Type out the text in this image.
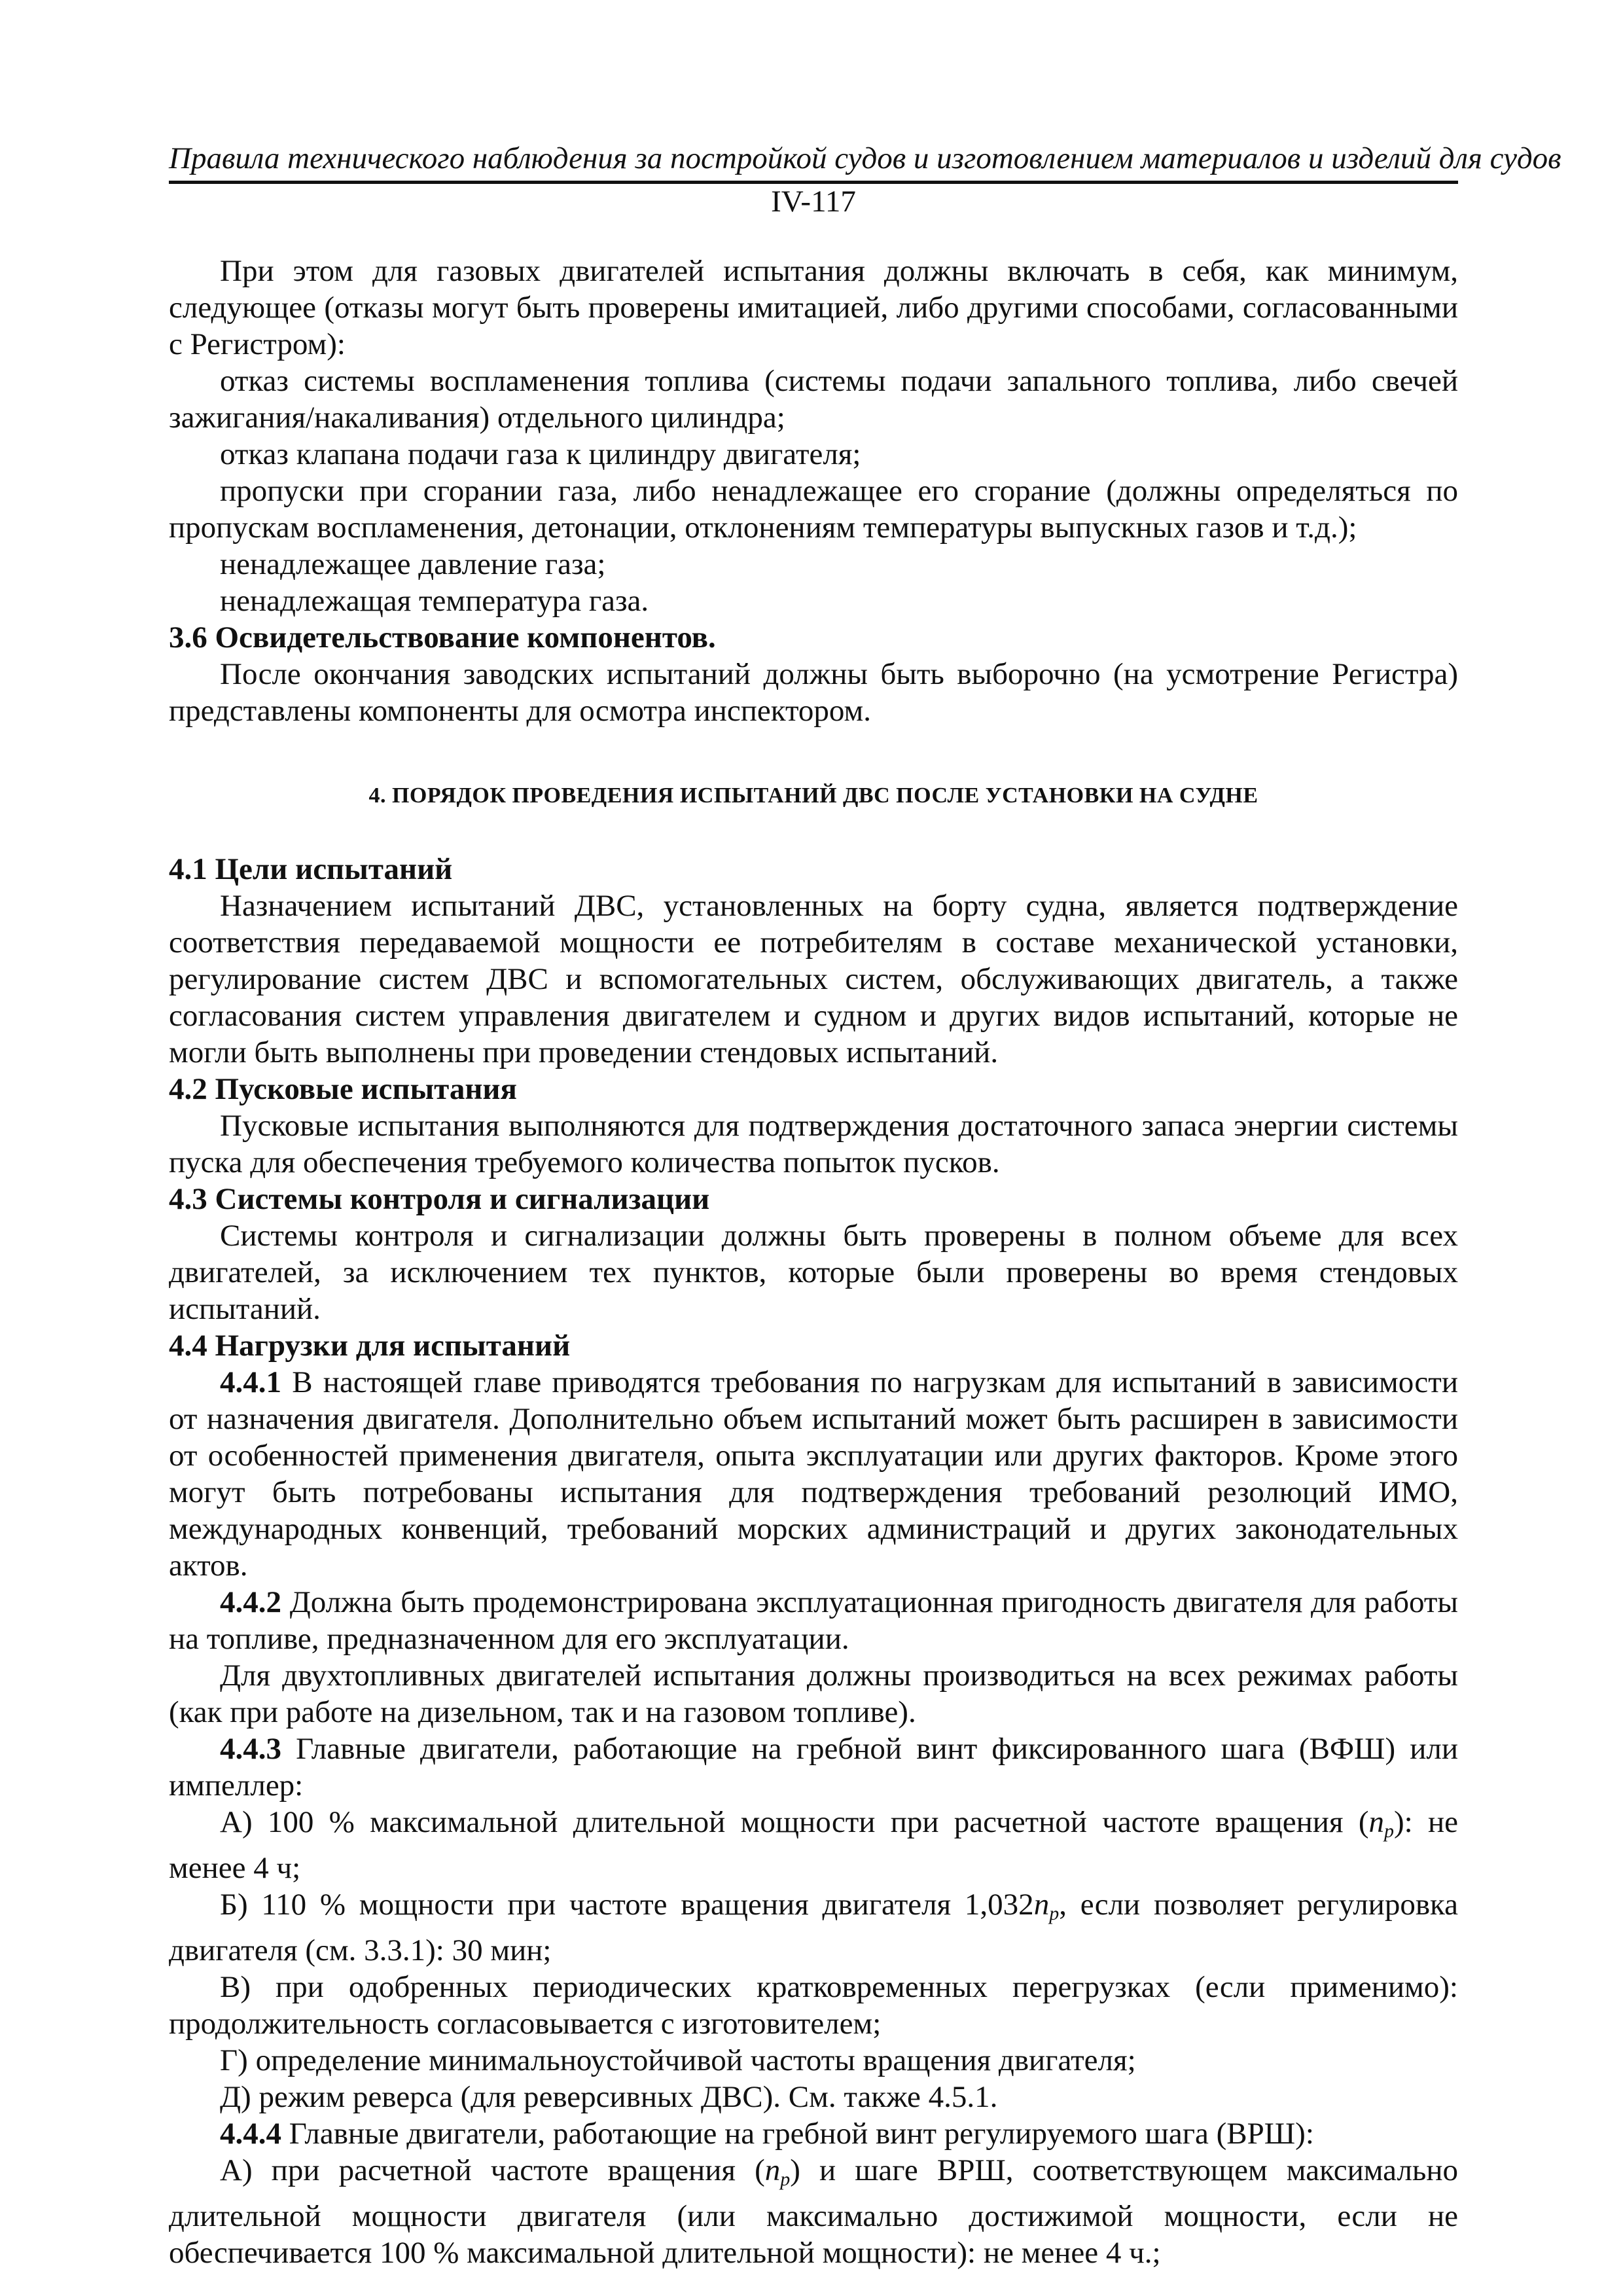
Правила технического наблюдения за постройкой судов и изготовлением материалов и изделий для судов
IV-117

При этом для газовых двигателей испытания должны включать в себя, как минимум, следующее (отказы могут быть проверены имитацией, либо другими способами, согласованными с Регистром):

отказ системы воспламенения топлива (системы подачи запального топлива, либо свечей зажигания/накаливания) отдельного цилиндра;

отказ клапана подачи газа к цилиндру двигателя;

пропуски при сгорании газа, либо ненадлежащее его сгорание (должны определяться по пропускам воспламенения, детонации, отклонениям температуры выпускных газов и т.д.);

ненадлежащее давление газа;

ненадлежащая температура газа.

3.6 Освидетельствование компонентов.

После окончания заводских испытаний должны быть выборочно (на усмотрение Регистра) представлены компоненты для осмотра инспектором.

4. ПОРЯДОК ПРОВЕДЕНИЯ ИСПЫТАНИЙ ДВС ПОСЛЕ УСТАНОВКИ НА СУДНЕ
4.1 Цели испытаний

Назначением испытаний ДВС, установленных на борту судна, является подтверждение соответствия передаваемой мощности ее потребителям в составе механической установки, регулирование систем ДВС и вспомогательных систем, обслуживающих двигатель, а также согласования систем управления двигателем и судном и других видов испытаний, которые не могли быть выполнены при проведении стендовых испытаний.

4.2 Пусковые испытания

Пусковые испытания выполняются для подтверждения достаточного запаса энергии системы пуска для обеспечения требуемого количества попыток пусков.

4.3 Системы контроля и сигнализации

Системы контроля и сигнализации должны быть проверены в полном объеме для всех двигателей, за исключением тех пунктов, которые были проверены во время стендовых испытаний.

4.4 Нагрузки для испытаний

4.4.1 В настоящей главе приводятся требования по нагрузкам для испытаний в зависимости от назначения двигателя. Дополнительно объем испытаний может быть расширен в зависимости от особенностей применения двигателя, опыта эксплуатации или других факторов. Кроме этого могут быть потребованы испытания для подтверждения требований резолюций ИМО, международных конвенций, требований морских администраций и других законодательных актов.

4.4.2 Должна быть продемонстрирована эксплуатационная пригодность двигателя для работы на топливе, предназначенном для его эксплуатации.

Для двухтопливных двигателей испытания должны производиться на всех режимах работы (как при работе на дизельном, так и на газовом топливе).

4.4.3 Главные двигатели, работающие на гребной винт фиксированного шага (ВФШ) или импеллер:

А) 100 % максимальной длительной мощности при расчетной частоте вращения $(n_p)$: не менее 4 ч;

Б) 110 % мощности при частоте вращения двигателя $1,032n_p$, если позволяет регулировка двигателя (см. 3.3.1): 30 мин;

В) при одобренных периодических кратковременных перегрузках (если применимо): продолжительность согласовывается с изготовителем;

Г) определение минимальноустойчивой частоты вращения двигателя;

Д) режим реверса (для реверсивных ДВС). См. также 4.5.1.

4.4.4 Главные двигатели, работающие на гребной винт регулируемого шага (ВРШ):

А) при расчетной частоте вращения $(n_p)$ и шаге ВРШ, соответствующем максимально длительной мощности двигателя (или максимально достижимой мощности, если не обеспечивается 100 % максимальной длительной мощности): не менее 4 ч.;
